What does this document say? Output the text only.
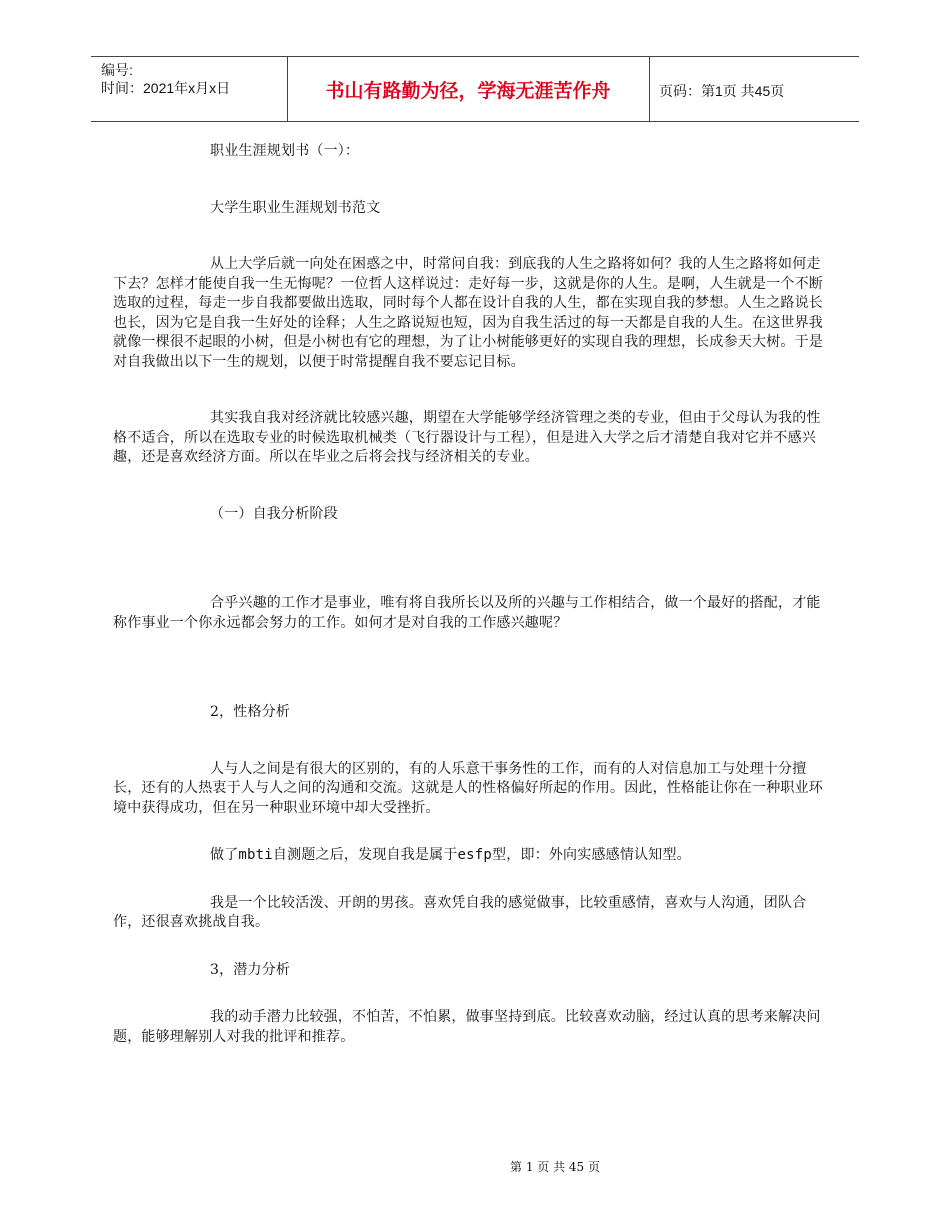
编号:
时间：2021年x月x日	书山有路勤为径，学海无涯苦作舟	页码：第1页 共45页

职业生涯规划书（一）：

大学生职业生涯规划书范文

从上大学后就一向处在困惑之中，时常问自我：到底我的人生之路将如何？我的人生之路将如何走下去？怎样才能使自我一生无悔呢？一位哲人这样说过：走好每一步，这就是你的人生。是啊，人生就是一个不断选取的过程，每走一步自我都要做出选取，同时每个人都在设计自我的人生，都在实现自我的梦想。人生之路说长也长，因为它是自我一生好处的诠释；人生之路说短也短，因为自我生活过的每一天都是自我的人生。在这世界我就像一棵很不起眼的小树，但是小树也有它的理想，为了让小树能够更好的实现自我的理想，长成参天大树。于是对自我做出以下一生的规划，以便于时常提醒自我不要忘记目标。

其实我自我对经济就比较感兴趣，期望在大学能够学经济管理之类的专业，但由于父母认为我的性格不适合，所以在选取专业的时候选取机械类（飞行器设计与工程），但是进入大学之后才清楚自我对它并不感兴趣，还是喜欢经济方面。所以在毕业之后将会找与经济相关的专业。

（一）自我分析阶段

合乎兴趣的工作才是事业，唯有将自我所长以及所的兴趣与工作相结合，做一个最好的搭配，才能称作事业一个你永远都会努力的工作。如何才是对自我的工作感兴趣呢？

2，性格分析

人与人之间是有很大的区别的，有的人乐意干事务性的工作，而有的人对信息加工与处理十分擅长，还有的人热衷于人与人之间的沟通和交流。这就是人的性格偏好所起的作用。因此，性格能让你在一种职业环境中获得成功，但在另一种职业环境中却大受挫折。

做了mbti自测题之后，发现自我是属于esfp型，即：外向实感感情认知型。

我是一个比较活泼、开朗的男孩。喜欢凭自我的感觉做事，比较重感情，喜欢与人沟通，团队合作，还很喜欢挑战自我。

3，潜力分析

我的动手潜力比较强，不怕苦，不怕累，做事坚持到底。比较喜欢动脑，经过认真的思考来解决问题，能够理解别人对我的批评和推荐。

第 1 页 共 45 页
